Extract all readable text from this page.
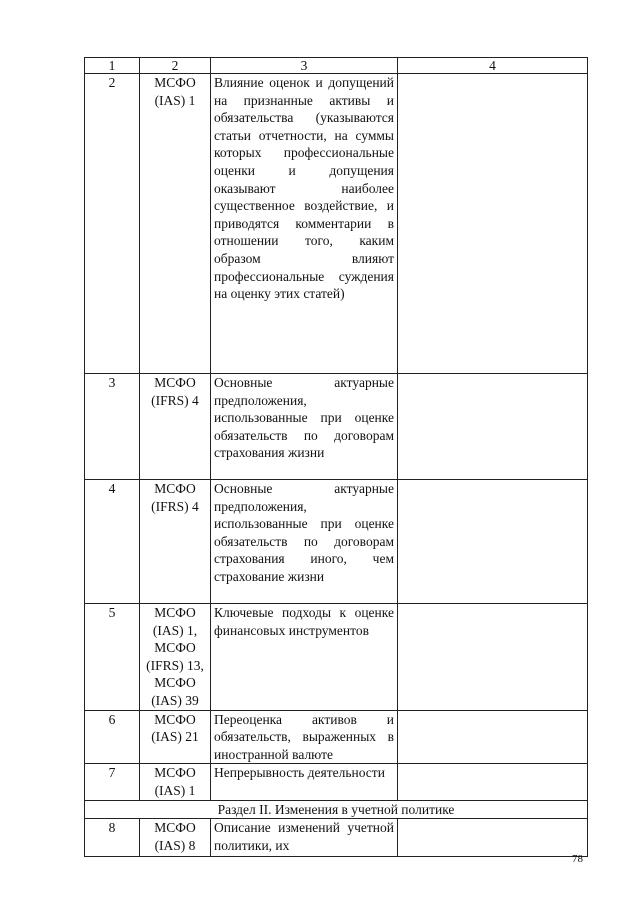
1	2	3	4
2	МСФО (IAS) 1	Влияние оценок и допущений на признанные активы и обязательства (указываются статьи отчетности, на суммы которых профессиональные оценки и допущения оказывают наиболее существенное воздействие, и приводятся комментарии в отношении того, каким образом влияют профессиональные суждения на оценку этих статей)	
3	МСФО (IFRS) 4	Основные актуарные предположения, использованные при оценке обязательств по договорам страхования жизни	
4	МСФО (IFRS) 4	Основные актуарные предположения, использованные при оценке обязательств по договорам страхования иного, чем страхование жизни	
5	МСФО (IAS) 1, МСФО (IFRS) 13, МСФО (IAS) 39	Ключевые подходы к оценке финансовых инструментов	
6	МСФО (IAS) 21	Переоценка активов и обязательств, выраженных в иностранной валюте	
7	МСФО (IAS) 1	Непрерывность деятельности	
Раздел II. Изменения в учетной политике			
8	МСФО (IAS) 8	Описание изменений учетной политики, их	
78
